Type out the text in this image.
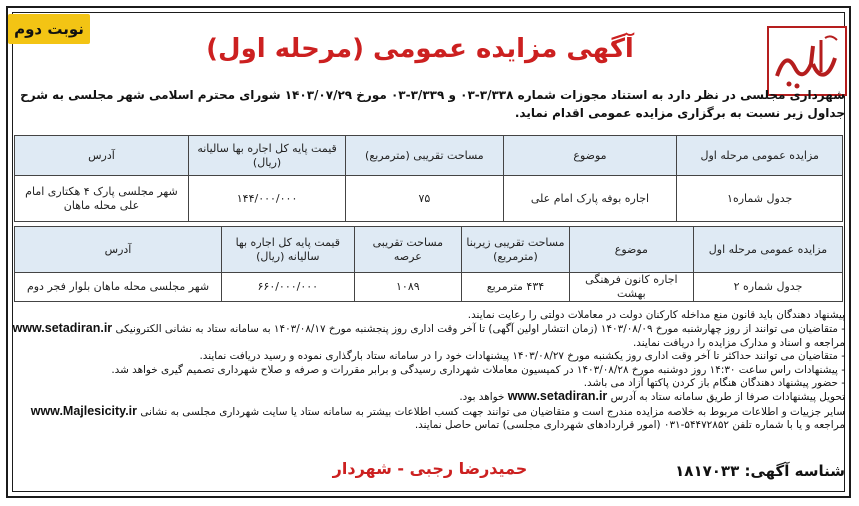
نوبت دوم
آگهی مزایده عمومی (مرحله اول)
شهرداری مجلسی در نظر دارد به استناد مجوزات شماره ۳/۳۳۸-۰۳ و ۳/۳۳۹-۰۳ مورخ ۱۴۰۳/۰۷/۲۹ شورای محترم اسلامی شهر مجلسی به شرح جداول زیر نسبت به برگزاری مزایده عمومی اقدام نماید.
مزایده عمومی مرحله اول	موضوع	مساحت تقریبی (مترمربع)	قیمت پایه کل اجاره بها سالیانه (ریال)	آدرس
جدول شماره۱	اجاره بوفه پارک امام علی	۷۵	۱۴۴/۰۰۰/۰۰۰	شهر مجلسی پارک ۴ هکتاری امام علی محله ماهان
مزایده عمومی مرحله اول	موضوع	مساحت تقریبی زیربنا (مترمربع)	مساحت تقریبی عرصه	قیمت پایه کل اجاره بها سالیانه (ریال)	آدرس
جدول شماره ۲	اجاره کانون فرهنگی بهشت	۴۳۴ مترمربع	۱۰۸۹	۶۶۰/۰۰۰/۰۰۰	شهر مجلسی محله ماهان بلوار فجر دوم

پیشنهاد دهندگان باید قانون منع مداخله کارکنان دولت در معاملات دولتی را رعایت نمایند.

- متقاضیان می توانند از روز چهارشنبه مورخ ۱۴۰۳/۰۸/۰۹ (زمان انتشار اولین آگهی) تا آخر وقت اداری روز پنجشنبه مورخ ۱۴۰۳/۰۸/۱۷ به سامانه ستاد به نشانی الکترونیکی www.setadiran.ir

مراجعه و اسناد و مدارک مزایده را دریافت نمایند.

- متقاضیان می توانند حداکثر تا آخر وقت اداری روز یکشنبه مورخ ۱۴۰۳/۰۸/۲۷ پیشنهادات خود را در سامانه ستاد بارگذاری نموده و رسید دریافت نمایند.

- پیشنهادات راس ساعت ۱۴:۳۰ روز دوشنبه مورخ ۱۴۰۳/۰۸/۲۸ در کمیسیون معاملات شهرداری رسیدگی و برابر مقررات و صرفه و صلاح شهرداری تصمیم گیری خواهد شد.

- حضور پیشنهاد دهندگان هنگام باز کردن پاکتها آزاد می باشد.

تحویل پیشنهادات صرفا از طریق سامانه ستاد به آدرس www.setadiran.ir خواهد بود.

سایر جزییات و اطلاعات مربوط به خلاصه مزایده مندرج است و متقاضیان می توانند جهت کسب اطلاعات بیشتر به سامانه ستاد یا سایت شهرداری مجلسی به نشانی www.Majlesicity.ir

مراجعه و یا با شماره تلفن ۵۴۴۷۲۸۵۲-۰۳۱ (امور قراردادهای شهرداری مجلسی) تماس حاصل نمایند.

حمیدرضا رجبی - شهردار	شناسه آگهی: ۱۸۱۷۰۳۳
